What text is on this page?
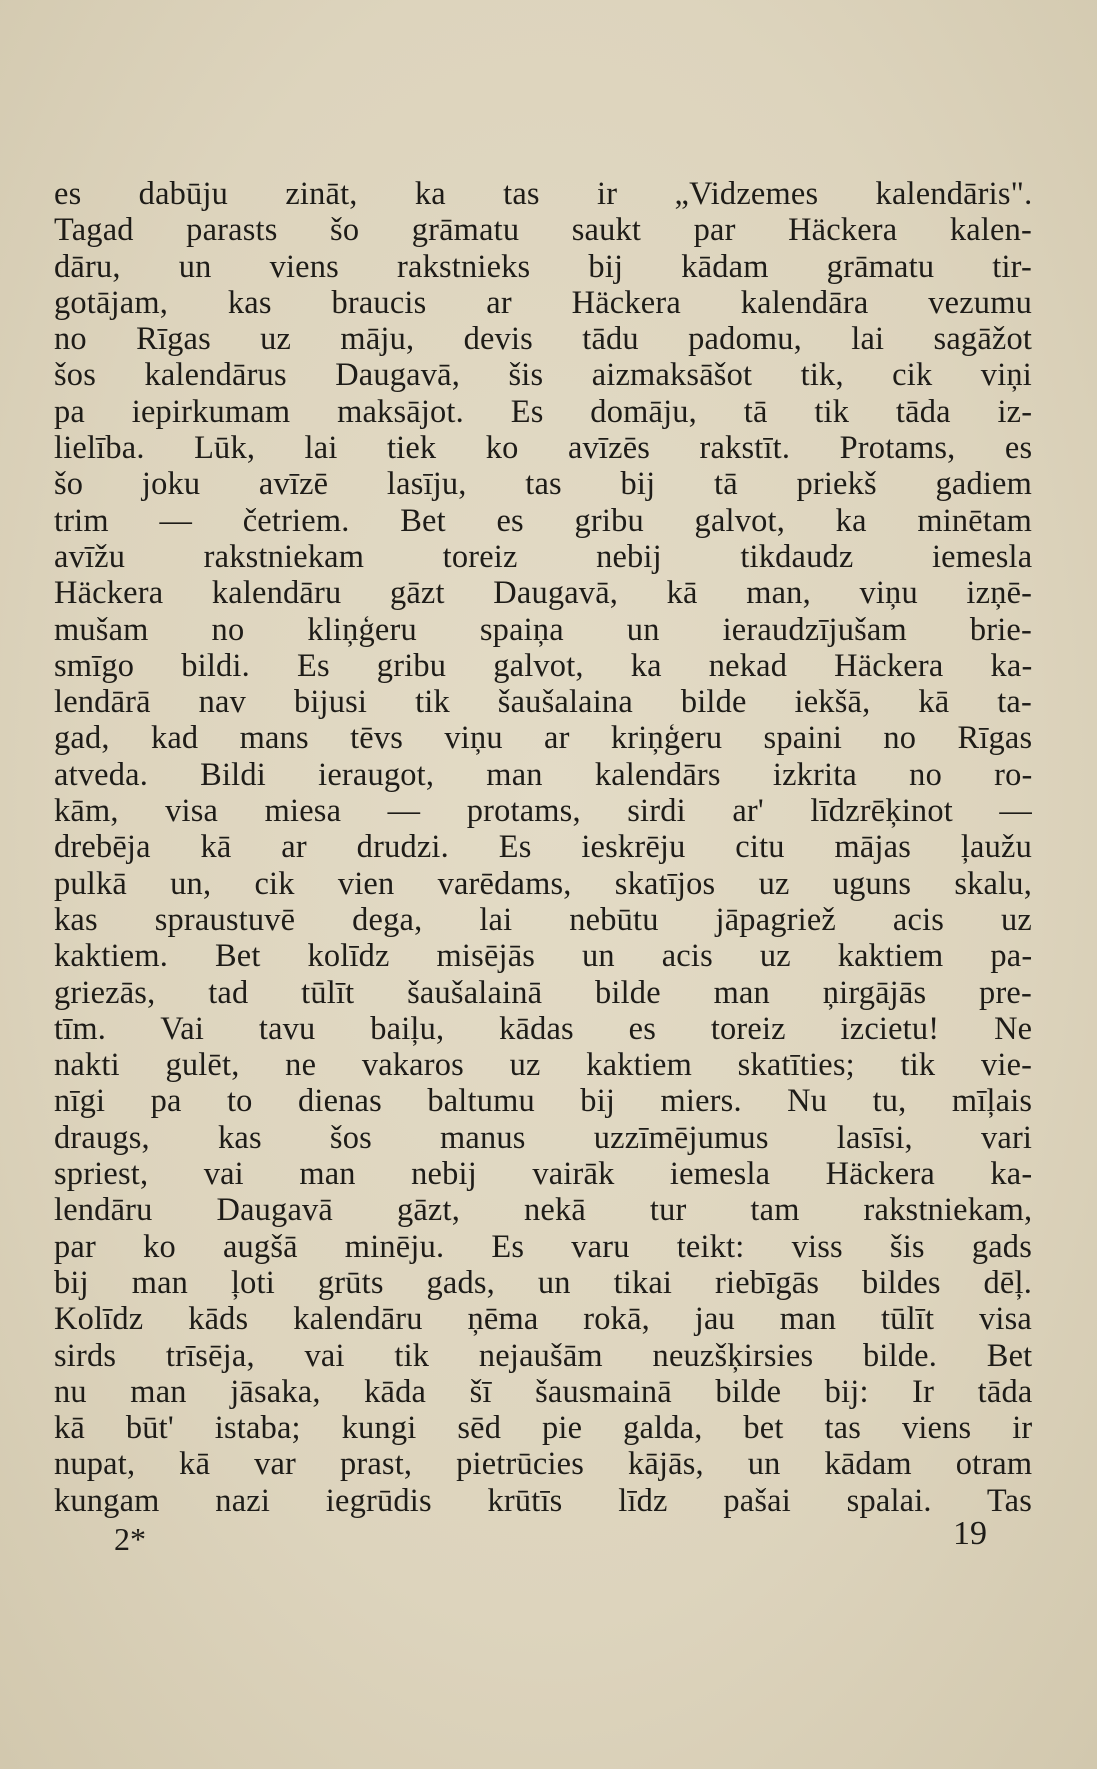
es dabūju zināt, ka tas ir „Vidzemes kalendāris".
Tagad parasts šo grāmatu saukt par Häckera kalen-
dāru, un viens rakstnieks bij kādam grāmatu tir-
gotājam, kas braucis ar Häckera kalendāra vezumu
no Rīgas uz māju, devis tādu padomu, lai sagāžot
šos kalendārus Daugavā, šis aizmaksāšot tik, cik viņi
pa iepirkumam maksājot. Es domāju, tā tik tāda iz-
lielība. Lūk, lai tiek ko avīzēs rakstīt. Protams, es
šo joku avīzē lasīju, tas bij tā priekš gadiem
trim — četriem. Bet es gribu galvot, ka minētam
avīžu rakstniekam toreiz nebij tikdaudz iemesla
Häckera kalendāru gāzt Daugavā, kā man, viņu izņē-
mušam no kliņģeru spaiņa un ieraudzījušam brie-
smīgo bildi. Es gribu galvot, ka nekad Häckera ka-
lendārā nav bijusi tik šaušalaina bilde iekšā, kā ta-
gad, kad mans tēvs viņu ar kriņģeru spaini no Rīgas
atveda. Bildi ieraugot, man kalendārs izkrita no ro-
kām, visa miesa — protams, sirdi ar' līdzrēķinot —
drebēja kā ar drudzi. Es ieskrēju citu mājas ļaužu
pulkā un, cik vien varēdams, skatījos uz uguns skalu,
kas spraustuvē dega, lai nebūtu jāpagriež acis uz
kaktiem. Bet kolīdz misējās un acis uz kaktiem pa-
griezās, tad tūlīt šaušalainā bilde man ņirgājās pre-
tīm. Vai tavu baiļu, kādas es toreiz izcietu! Ne
nakti gulēt, ne vakaros uz kaktiem skatīties; tik vie-
nīgi pa to dienas baltumu bij miers. Nu tu, mīļais
draugs, kas šos manus uzzīmējumus lasīsi, vari
spriest, vai man nebij vairāk iemesla Häckera ka-
lendāru Daugavā gāzt, nekā tur tam rakstniekam,
par ko augšā minēju. Es varu teikt: viss šis gads
bij man ļoti grūts gads, un tikai riebīgās bildes dēļ.
Kolīdz kāds kalendāru ņēma rokā, jau man tūlīt visa
sirds trīsēja, vai tik nejaušām neuzšķirsies bilde. Bet
nu man jāsaka, kāda šī šausmainā bilde bij: Ir tāda
kā būt' istaba; kungi sēd pie galda, bet tas viens ir
nupat, kā var prast, pietrūcies kājās, un kādam otram
kungam nazi iegrūdis krūtīs līdz pašai spalai. Tas
2*	19
